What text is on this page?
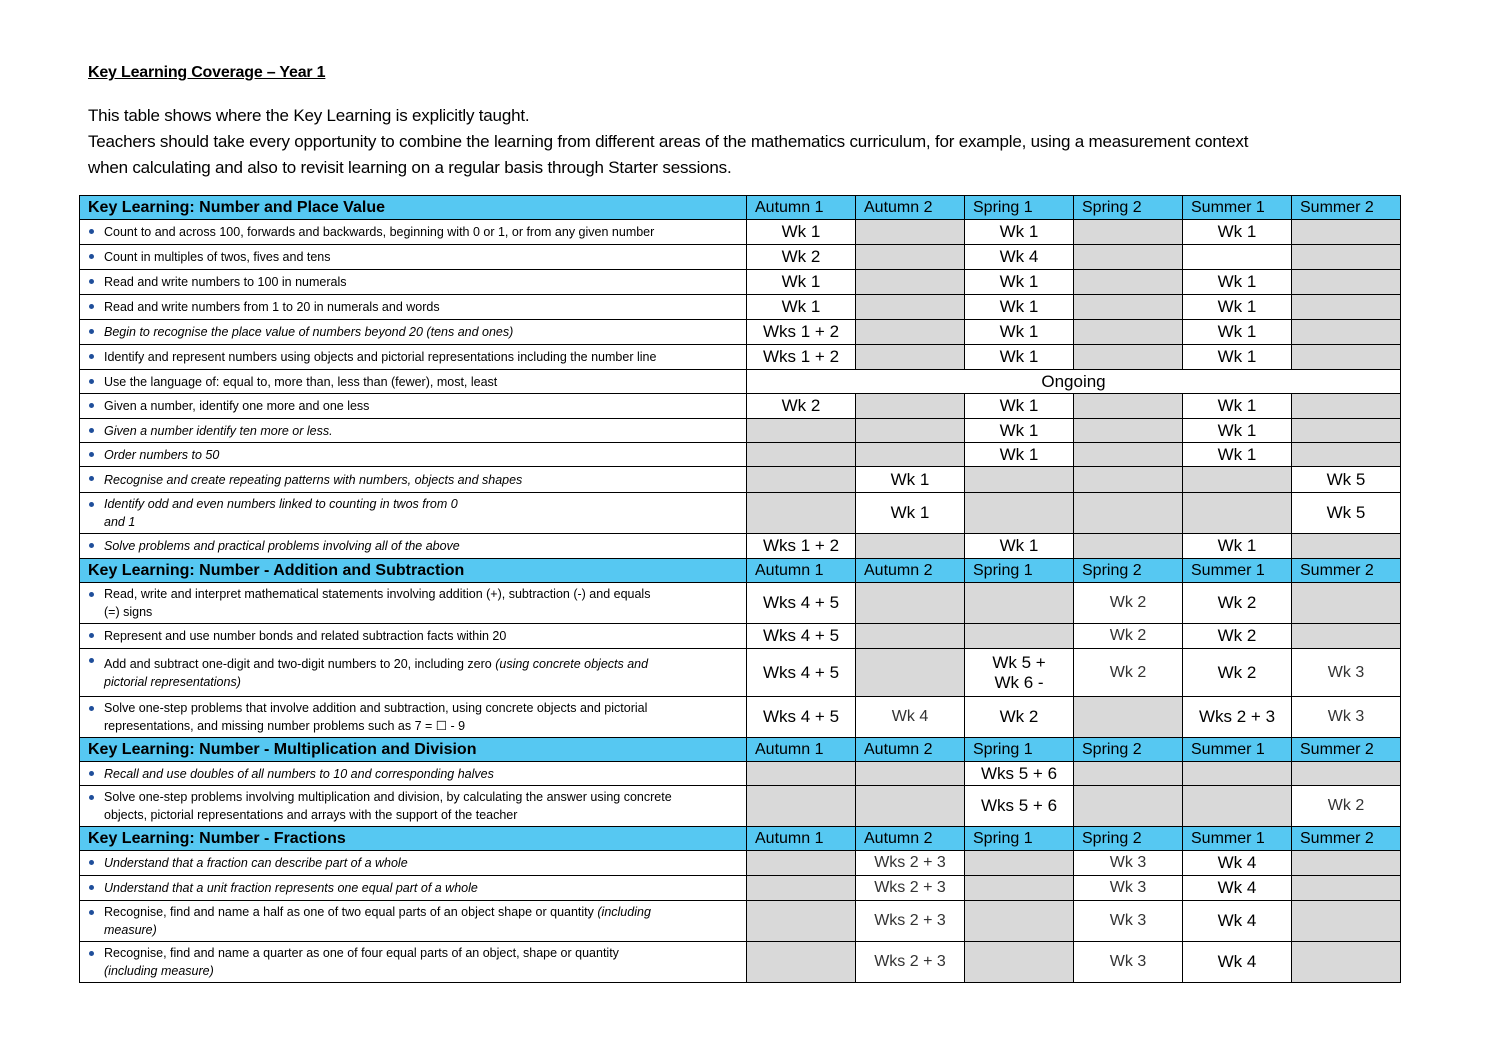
Key Learning Coverage – Year 1
This table shows where the Key Learning is explicitly taught.
Teachers should take every opportunity to combine the learning from different areas of the mathematics curriculum, for example, using a measurement context
when calculating and also to revisit learning on a regular basis through Starter sessions.
Key Learning: Number and Place Value	Autumn 1	Autumn 2	Spring 1	Spring 2	Summer 1	Summer 2

Count to and across 100, forwards and backwards, beginning with 0 or 1, or from any given number	Wk 1		Wk 1		Wk 1	

Count in multiples of twos, fives and tens	Wk 2		Wk 4			

Read and write numbers to 100 in numerals	Wk 1		Wk 1		Wk 1	

Read and write numbers from 1 to 20 in numerals and words	Wk 1		Wk 1		Wk 1	

Begin to recognise the place value of numbers beyond 20 (tens and ones)	Wks 1 + 2		Wk 1		Wk 1	

Identify and represent numbers using objects and pictorial representations including the number line	Wks 1 + 2		Wk 1		Wk 1	

Use the language of: equal to, more than, less than (fewer), most, least	Ongoing					

Given a number, identify one more and one less	Wk 2		Wk 1		Wk 1	

Given a number identify ten more or less.			Wk 1		Wk 1	

Order numbers to 50			Wk 1		Wk 1	

Recognise and create repeating patterns with numbers, objects and shapes		Wk 1				Wk 5

Identify odd and even numbers linked to counting in twos from 0
and 1		Wk 1				Wk 5

Solve problems and practical problems involving all of the above	Wks 1 + 2		Wk 1		Wk 1	
Key Learning: Number - Addition and Subtraction	Autumn 1	Autumn 2	Spring 1	Spring 2	Summer 1	Summer 2

Read, write and interpret mathematical statements involving addition (+), subtraction (-) and equals
(=) signs	Wks 4 + 5			Wk 2	Wk 2	

Represent and use number bonds and related subtraction facts within 20	Wks 4 + 5			Wk 2	Wk 2	

Add and subtract one-digit and two-digit numbers to 20, including zero (using concrete objects and
pictorial representations)	Wks 4 + 5		Wk 5 +
Wk 6 -	Wk 2	Wk 2	Wk 3

Solve one-step problems that involve addition and subtraction, using concrete objects and pictorial
representations, and missing number problems such as 7 = ☐ - 9	Wks 4 + 5	Wk 4	Wk 2		Wks 2 + 3	Wk 3
Key Learning: Number - Multiplication and Division	Autumn 1	Autumn 2	Spring 1	Spring 2	Summer 1	Summer 2

Recall and use doubles of all numbers to 10 and corresponding halves			Wks 5 + 6			

Solve one-step problems involving multiplication and division, by calculating the answer using concrete
objects, pictorial representations and arrays with the support of the teacher			Wks 5 + 6			Wk 2
Key Learning: Number - Fractions	Autumn 1	Autumn 2	Spring 1	Spring 2	Summer 1	Summer 2

Understand that a fraction can describe part of a whole		Wks 2 + 3		Wk 3	Wk 4	

Understand that a unit fraction represents one equal part of a whole		Wks 2 + 3		Wk 3	Wk 4	

Recognise, find and name a half as one of two equal parts of an object shape or quantity (including
measure)		Wks 2 + 3		Wk 3	Wk 4	

Recognise, find and name a quarter as one of four equal parts of an object, shape or quantity
(including measure)		Wks 2 + 3		Wk 3	Wk 4	
